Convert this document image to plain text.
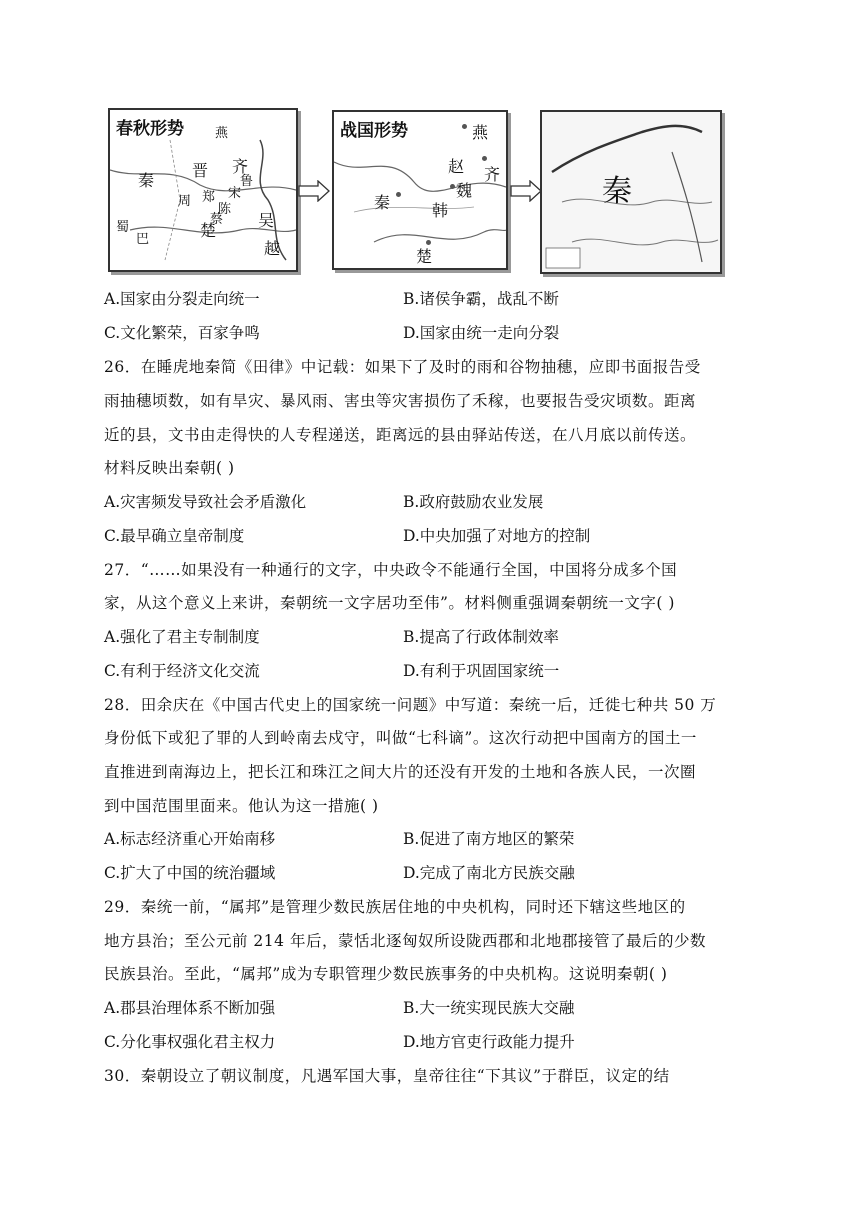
春秋形势 燕
秦
晋 齐
周 郑 宋
鲁
陈
蔡
楚
吴
蜀
巴	越
战国形势	燕
赵 齐
魏
秦	韩
楚
秦
A.国家由分裂走向统一	B.诸侯争霸，战乱不断
C.文化繁荣，百家争鸣	D.国家由统一走向分裂
26．在睡虎地秦简《田律》中记载：如果下了及时的雨和谷物抽穗，应即书面报告受
雨抽穗顷数，如有旱灾、暴风雨、害虫等灾害损伤了禾稼，也要报告受灾顷数。距离
近的县，文书由走得快的人专程递送，距离远的县由驿站传送，在八月底以前传送。
材料反映出秦朝( )
A.灾害频发导致社会矛盾激化	B.政府鼓励农业发展
C.最早确立皇帝制度	D.中央加强了对地方的控制
27．“……如果没有一种通行的文字，中央政令不能通行全国，中国将分成多个国
家，从这个意义上来讲，秦朝统一文字居功至伟”。材料侧重强调秦朝统一文字( )
A.强化了君主专制制度	B.提高了行政体制效率
C.有利于经济文化交流	D.有利于巩固国家统一
28．田余庆在《中国古代史上的国家统一问题》中写道：秦统一后，迁徙七种共 50 万
身份低下或犯了罪的人到岭南去戍守，叫做“七科谪”。这次行动把中国南方的国土一
直推进到南海边上，把长江和珠江之间大片的还没有开发的土地和各族人民，一次圈
到中国范围里面来。他认为这一措施( )
A.标志经济重心开始南移	B.促进了南方地区的繁荣
C.扩大了中国的统治疆域	D.完成了南北方民族交融
29．秦统一前，“属邦”是管理少数民族居住地的中央机构，同时还下辖这些地区的
地方县治；至公元前 214 年后，蒙恬北逐匈奴所设陇西郡和北地郡接管了最后的少数
民族县治。至此，“属邦”成为专职管理少数民族事务的中央机构。这说明秦朝( )
A.郡县治理体系不断加强	B.大一统实现民族大交融
C.分化事权强化君主权力	D.地方官吏行政能力提升
30．秦朝设立了朝议制度，凡遇军国大事，皇帝往往“下其议”于群臣，议定的结
